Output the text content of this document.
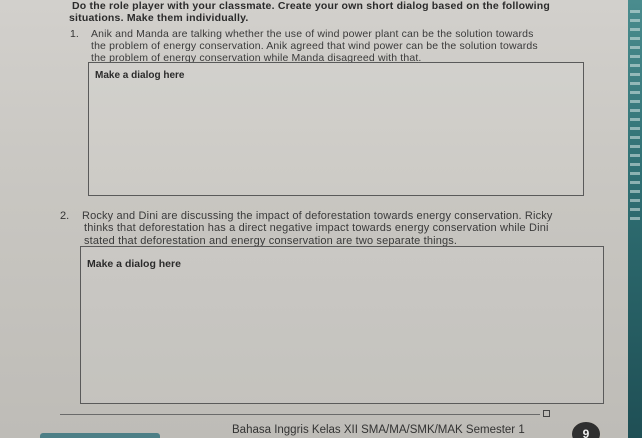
Do the role player with your classmate. Create your own short dialog based on the following
situations. Make them individually.
1. Anik and Manda are talking whether the use of wind power plant can be the solution towards
the problem of energy conservation. Anik agreed that wind power can be the solution towards
the problem of energy conservation while Manda disagreed with that.
Make a dialog here
2. Rocky and Dini are discussing the impact of deforestation towards energy conservation. Ricky
thinks that deforestation has a direct negative impact towards energy conservation while Dini
stated that deforestation and energy conservation are two separate things.
Make a dialog here
Bahasa Inggris Kelas XII SMA/MA/SMK/MAK Semester 1	9
